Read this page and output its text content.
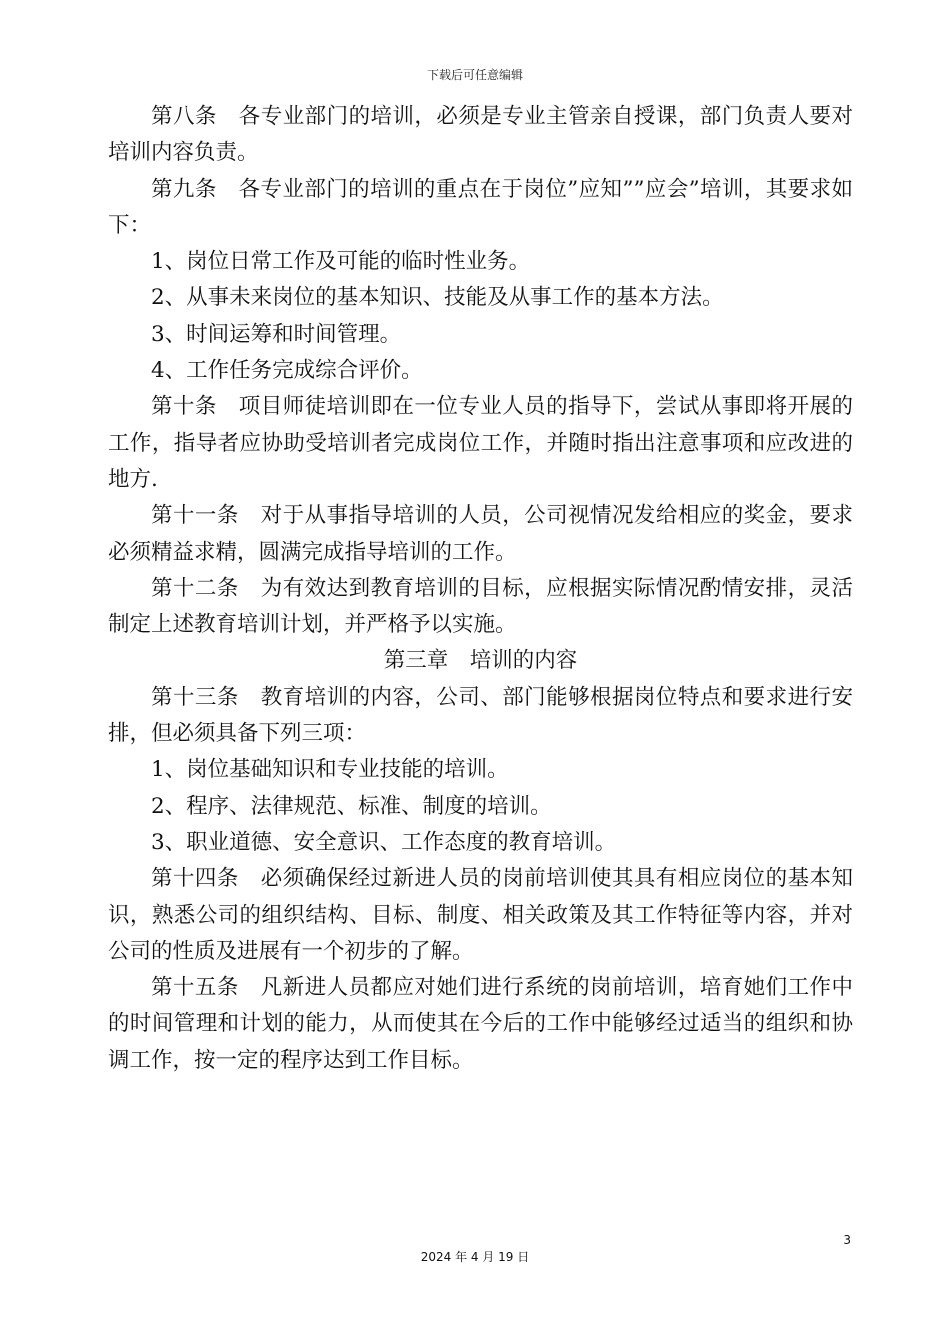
下载后可任意编辑

第八条 各专业部门的培训，必须是专业主管亲自授课，部门负责人要对培训内容负责。

第九条 各专业部门的培训的重点在于岗位”应知””应会”培训，其要求如下：

1、岗位日常工作及可能的临时性业务。

2、从事未来岗位的基本知识、技能及从事工作的基本方法。

3、时间运筹和时间管理。

4、工作任务完成综合评价。

第十条 项目师徒培训即在一位专业人员的指导下，尝试从事即将开展的工作，指导者应协助受培训者完成岗位工作，并随时指出注意事项和应改进的地方.

第十一条 对于从事指导培训的人员，公司视情况发给相应的奖金，要求必须精益求精，圆满完成指导培训的工作。

第十二条 为有效达到教育培训的目标，应根据实际情况酌情安排，灵活制定上述教育培训计划，并严格予以实施。

第三章 培训的内容

第十三条 教育培训的内容，公司、部门能够根据岗位特点和要求进行安排，但必须具备下列三项：

1、岗位基础知识和专业技能的培训。

2、程序、法律规范、标准、制度的培训。

3、职业道德、安全意识、工作态度的教育培训。

第十四条 必须确保经过新进人员的岗前培训使其具有相应岗位的基本知识，熟悉公司的组织结构、目标、制度、相关政策及其工作特征等内容，并对公司的性质及进展有一个初步的了解。

第十五条 凡新进人员都应对她们进行系统的岗前培训，培育她们工作中的时间管理和计划的能力，从而使其在今后的工作中能够经过适当的组织和协调工作，按一定的程序达到工作目标。

3
2024 年 4 月 19 日
